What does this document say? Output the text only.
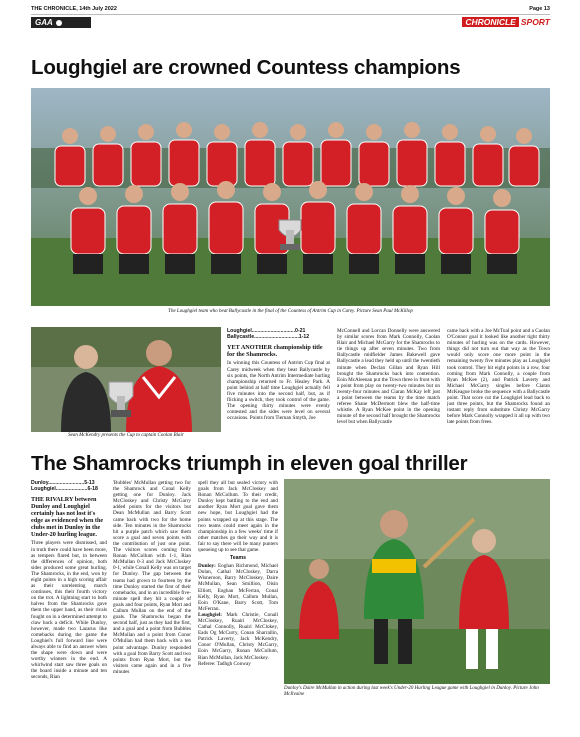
THE CHRONICLE, 14th July 2022	Page 13
GAA	CHRONICLE SPORT
Loughgiel are crowned Countess champions
The Loughgiel team who beat Ballycastle in the final of the Countess of Antrim Cup in Carey. Picture Sean Paul McKillop
Sean McKendry presents the Cup to captain Coolan Blair
Loughgiel..............................0-21
Ballycastle...............................1-12

YET ANOTHER championship title for the Shamrocks.

In winning this Countess of Antrim Cup final at Carey midweek when they beat Ballycastle by six points, the North Antrim Intermediate hurling championship returned to Fr. Healey Park. A point behind at half time Loughgiel actually fell five minutes into the second half, but, as if flicking a switch, they took control of the game. The opening thirty minutes were evenly contested and the sides were level on several occasions. Points from Tiernan Smyth, Joe

McConnell and Lorcan Donnelly were answered by similar scores from Mark Connolly, Caolan Blair and Michael McGarry for the Shamrocks to tie things up after seven minutes. Two from Ballycastle midfielder James Bakewell gave Ballycastle a lead they held up until the twentieth minute when Declan Gillan and Ryan Hill brought the Shamrocks back into contention. Eoin McAleenan put the Town three in front with a point from play on twenty-two minutes but on twenty-four minutes and Ciaran McKay left just a point between the teams by the time match referee Shane McDermott blew the half-time whistle. A Ryan McKee point in the opening minute of the second half brought the Shamrocks level but when Ballycastle
came back with a Joe McToal point and a Caolan O'Connor goal it looked like another tight thirty minutes of hurling was on the cards. However, things did not turn out that way as the Town would only score one more point in the remaining twenty five minutes play as Loughgiel took control. They hit eight points in a row, four coming from Mark Connolly, a couple from Ryan McKee (2), and Patrick Laverty and Michael McGarry singles before Ciaran McKeague broke the sequence with a Ballycastle point. That score cut the Loughgiel lead back to just three points, but the Shamrocks found an instant reply from substitute Christy McGarry before Mark Connolly wrapped it all up with two late points from frees.
The Shamrocks triumph in eleven goal thriller
Dunloy.........................5-13
Loughgiel......................6-18

THE RIVALRY between Dunloy and Loughgiel certainly has not lost it's edge as evidenced when the clubs met in Dunloy in the Under-20 hurling league.

Three players were dismissed, and in truth there could have been more, as tempers flared but, in between the differences of opinion, both sides produced some great hurling. The Shamrocks, in the end, won by eight points in a high scoring affair as their unrelenting march continues, this their fourth victory on the trot. A lightning start to both halves from the Shamrocks gave them the upper hand, as their rivals fought on in a determined attempt to claw back a deficit. While Dunloy, however, made two Lazarus like comebacks during the game the Loughiel's full forward line were always able to find an answer when the shape were down and were worthy winners in the end. A whirlwind start saw three goals on the board inside a minute and ten seconds, Rian

'Bubbles' McMullan getting two for the Shamrock and Conal Kelly getting one for Dunloy. Jack McCloskey and Christy McGarry added points for the visitors but Dean McMullan and Barry Scott came back with two for the home side. Ten minutes in the Shamrocks hit a purple patch which saw them score a goal and seven points with the contribution of just one point. The visitors scores coming from Ronan McCollum with 1-1, Rian McMullan 0-3 and Jack McCloskey 0-1, while Conall Kelly was on target for Dunloy. The gap between the teams had grown to fourteen by the time Dunloy started the first of their comebacks, and in an incredible five-minute spell they hit a couple of goals and four points, Ryan Mort and Callum Mullan on the end of the goals. The Shamrocks began the second half, just as they had the first, and a goal and a point from Bubbles McMullan and a point from Conor O'Mullan had them back with a ten point advantage. Dunloy responded with a goal from Barry Scott and two points from Ryan Mort, but the visitors came again and in a five minutes

spell they all but sealed victory with goals from Jack McCloskey and Ronan McCollum. To their credit, Dunloy kept battling to the end and another Ryan Mort goal gave them new hope, but Loughgiel had the points wrapped up at this stage. The two teams could meet again in the championship in a few weeks' time if other matches go their way and it is fair to say there will be many punters queueing up to see that game.

Teams

Dunloy: Eoghan Richmond, Michael Dolan, Cathal McCloskey, Darra Wisneroon, Barry McCloskey, Daire McMullan, Sean Smillion, Oisin Elliott, Eoghan McFerran, Conal Kelly, Ryan Mort, Callum Mullan, Eoin O'Kane, Barry Scott, Tom McFerran.

Loughgiel: Mark Christie, Conall McCloskey, Ruairi McCloskey, Cathal Connolly, Ruairi McClokey, Eads Og McCurry, Conan Sharrallin, Patrick Laverty, Jack McKendry, Conor O'Mullan, Christy McGarry, Eoin McGarry, Ronan McCollum, Rian McMullan, Jack McCloskey.

Referee: Tadhgh Conway

Dunloy's Daire McMullan in action during last week's Under-20 Hurling League game with Loughgiel in Dunloy. Picture John McIlvaine
